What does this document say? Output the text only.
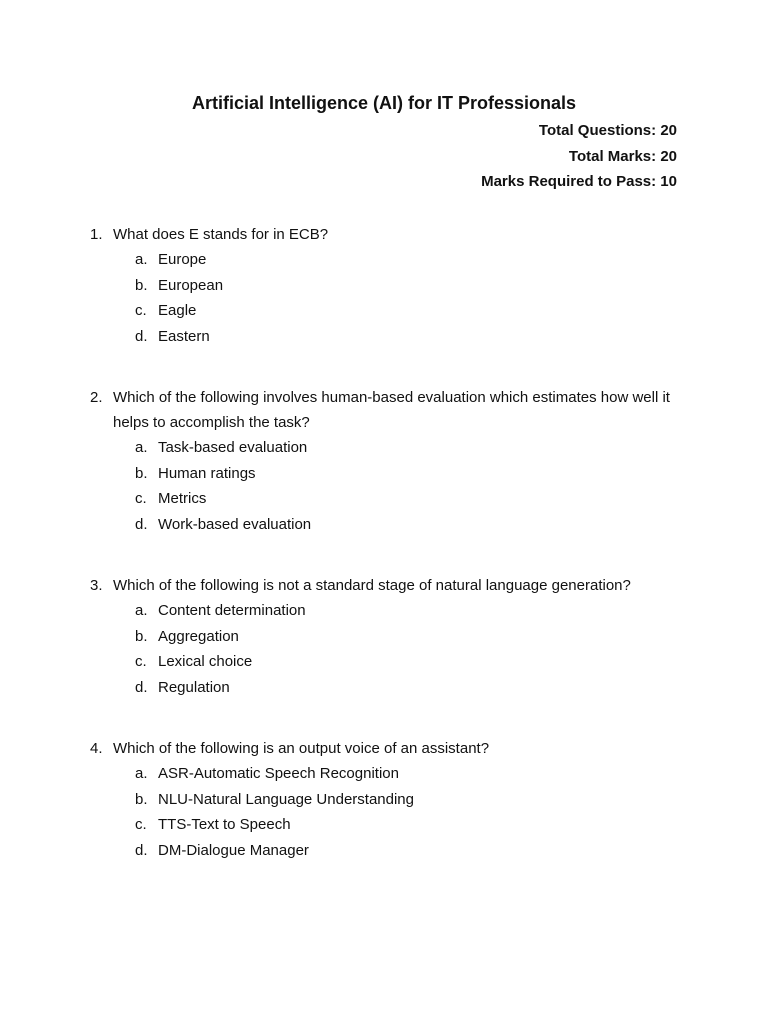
Artificial Intelligence (AI) for IT Professionals
Total Questions: 20
Total Marks: 20
Marks Required to Pass: 10
1. What does E stands for in ECB?
a. Europe
b. European
c. Eagle
d. Eastern
2. Which of the following involves human-based evaluation which estimates how well it helps to accomplish the task?
a. Task-based evaluation
b. Human ratings
c. Metrics
d. Work-based evaluation
3. Which of the following is not a standard stage of natural language generation?
a. Content determination
b. Aggregation
c. Lexical choice
d. Regulation
4. Which of the following is an output voice of an assistant?
a. ASR-Automatic Speech Recognition
b. NLU-Natural Language Understanding
c. TTS-Text to Speech
d. DM-Dialogue Manager
